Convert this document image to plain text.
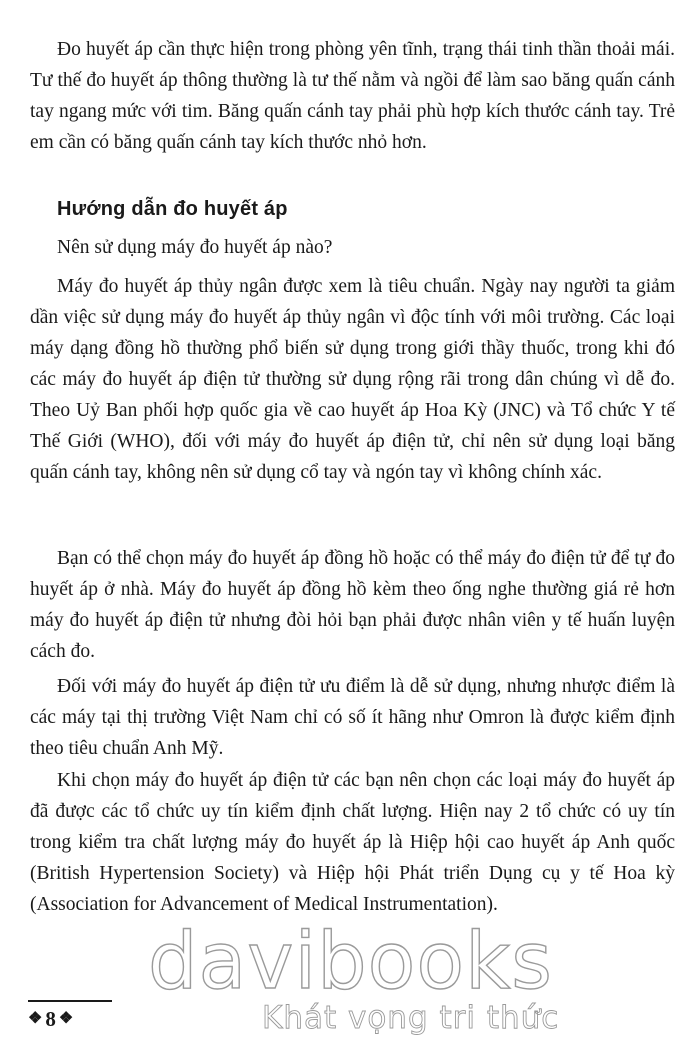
Đo huyết áp cần thực hiện trong phòng yên tĩnh, trạng thái tinh thần thoải mái. Tư thế đo huyết áp thông thường là tư thế nằm và ngồi để làm sao băng quấn cánh tay ngang mức với tim. Băng quấn cánh tay phải phù hợp kích thước cánh tay. Trẻ em cần có băng quấn cánh tay kích thước nhỏ hơn.

Hướng dẫn đo huyết áp

Nên sử dụng máy đo huyết áp nào?

Máy đo huyết áp thủy ngân được xem là tiêu chuẩn. Ngày nay người ta giảm dần việc sử dụng máy đo huyết áp thủy ngân vì độc tính với môi trường. Các loại máy dạng đồng hồ thường phổ biến sử dụng trong giới thầy thuốc, trong khi đó các máy đo huyết áp điện tử thường sử dụng rộng rãi trong dân chúng vì dễ đo. Theo Uỷ Ban phối hợp quốc gia về cao huyết áp Hoa Kỳ (JNC) và Tổ chức Y tế Thế Giới (WHO), đối với máy đo huyết áp điện tử, chỉ nên sử dụng loại băng quấn cánh tay, không nên sử dụng cổ tay và ngón tay vì không chính xác.

Bạn có thể chọn máy đo huyết áp đồng hồ hoặc có thể máy đo điện tử để tự đo huyết áp ở nhà. Máy đo huyết áp đồng hồ kèm theo ống nghe thường giá rẻ hơn máy đo huyết áp điện tử nhưng đòi hỏi bạn phải được nhân viên y tế huấn luyện cách đo.

Đối với máy đo huyết áp điện tử ưu điểm là dễ sử dụng, nhưng nhược điểm là các máy tại thị trường Việt Nam chỉ có số ít hãng như Omron là được kiểm định theo tiêu chuẩn Anh Mỹ.

Khi chọn máy đo huyết áp điện tử các bạn nên chọn các loại máy đo huyết áp đã được các tổ chức uy tín kiểm định chất lượng. Hiện nay 2 tổ chức có uy tín trong kiểm tra chất lượng máy đo huyết áp là Hiệp hội cao huyết áp Anh quốc (British Hypertension Society) và Hiệp hội Phát triển Dụng cụ y tế Hoa kỳ (Association for Advancement of Medical Instrumentation).

davibooks
Khát vọng tri thức
❖ 8 ❖
